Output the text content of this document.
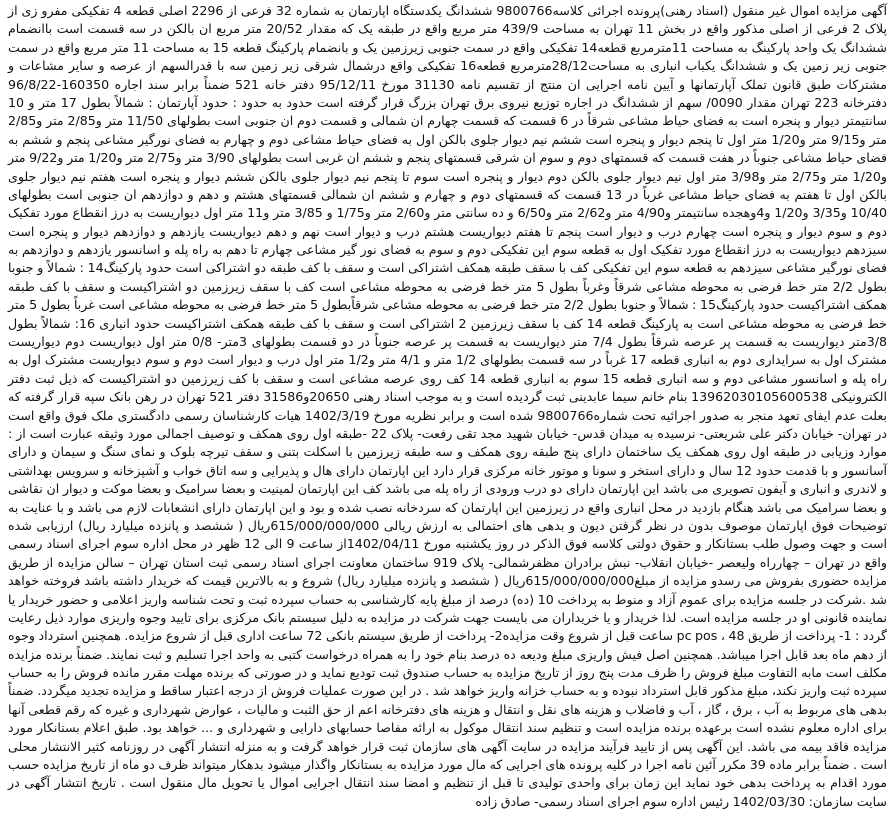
آگهی مزایده اموال غیر منقول (اسناد رهنی)پرونده اجرائی کلاسه9800766 ششدانگ یکدستگاه اپارتمان به شماره 32 فرعی از 2296 اصلی قطعه 4 تفکیکی مفرو زی از پلاک 2 فرعی از اصلی مذکور واقع در بخش 11 تهران به مساحت 439/9 متر مربع واقع در طبقه یک که مقدار 20/52 متر مربع ان بالکن در سه قسمت است باانضمام ششدانگ یک واحد پارکینگ به مساحت 11مترمربع قطعه14 تفکیکی واقع در سمت جنوبی زیرزمین یک و بانضمام پارکینگ قطعه 15 به مساحت 11 متر مربع واقع در سمت جنوبی زیر زمین یک و ششدانگ یکباب انباری به مساحت28/12مترمربع قطعه16 تفکیکی واقع درشمال شرقی زیر زمین سه با قدرالسهم از عرصه و سایر مشاعات و مشترکات طبق قانون تملک آپارتمانها و آیین نامه اجرایی ان منتج از تقسیم نامه 31130 مورخ 95/12/11 دفتر خانه 521 ضمناً برابر سند اجاره 160350-96/8/22 دفترخانه 223 تهران مقدار 0090/ سهم از ششدانگ در اجاره توزیع نیروی برق تهران بزرگ قرار گرفته است حدود به حدود : حدود آپارتمان : شمالاً بطول 17 متر و 10 سانتیمتر دیوار و پنجره است به فضای حیاط مشاعی شرقاً در 6 قسمت که قسمت چهارم ان شمالی و قسمت دوم ان جنوبی است بطولهای 11/50 متر و2/85 متر و2/85 متر و9/15 متر و1/20 متر اول تا پنجم دیوار و پنجره است ششم نیم دیوار جلوی بالکن اول به فضای حیاط مشاعی دوم و چهارم به فضای نورگیر مشاعی پنجم و ششم به فضای حیاط مشاعی جنوباً در هفت قسمت که قسمتهای دوم و سوم ان شرقی قسمتهای پنجم و ششم ان غربی است بطولهای 3/90 متر و2/75 متر و1/20 متر و9/22 متر و1/20 متر و2/75 متر و3/98 متر اول نیم دیوار جلوی بالکن دوم دیوار و پنجره است سوم تا پنجم نیم دیوار جلوی بالکن ششم دیوار و پنجره است هفتم نیم دیوار جلوی بالکن اول تا هفتم به فضای حیاط مشاعی غرباً در 13 قسمت که قسمتهای دوم و چهارم و ششم ان شمالی قسمتهای هشتم و دهم و دوازدهم ان جنوبی است بطولهای 10/40 و3/35 و1/20 و4وهجده سانتیمتر و4/90 متر و2/62 متر و6/50 و ده سانتی متر و2/60 متر و1/75 و 3/85 متر و11 متر اول دیواریست به درز انقطاع مورد تفکیک دوم و سوم دیوار و پنجره است چهارم درب و دیوار است پنجم تا هفتم دیواریست هشتم درب و دیوار است نهم و دهم دیواریست یازدهم و دوازدهم دیوار و پنجره است سیزدهم دیواریست به درز انقطاع مورد تفکیک اول به قطعه سوم این تفکیکی دوم و سوم به فضای نور گیر مشاعی چهارم تا دهم به راه پله و اسانسور یازدهم و دوازدهم به فضای نورگیر مشاعی سیزدهم به قطعه سوم این تفکیکی کف با سقف طبقه همکف اشتراکی است و سقف با کف طبقه دو اشتراکی است حدود پارکینگ14 : شمالاً و جنوبا بطول 2/2 متر خط فرضی به محوطه مشاعی شرقاً وغرباً بطول 5 متر خط فرضی به محوطه مشاعی است کف با سقف زیرزمین دو اشتراکیست و سقف با کف طبقه همکف اشتراکیست حدود پارکینگ15 : شمالاً و جنوبا بطول 2/2 متر خط فرضی به محوطه مشاعی شرقاًبطول 5 متر خط فرضی به محوطه مشاعی است غرباً بطول 5 متر خط فرضی به محوطه مشاعی است به پارکینگ قطعه 14 کف با سقف زیرزمین 2 اشتراکی است و سقف با کف طبقه همکف اشتراکیست حدود انباری 16: شمالاً بطول 3/8متر دیواریست به قسمت پر عرصه شرقاً بطول 7/4 متر دیواریست به قسمت پر عرصه جنوباً در دو قسمت بطولهای 3متر- 0/8 متر اول دیواریست دوم دیواریست مشترک اول به سرایداری دوم به انباری قطعه 17 غرباً در سه قسمت بطولهای 1/2 متر و 4/1 متر و1/2 متر اول درب و دیوار است دوم و سوم دیواریست مشترک اول به راه پله و اسانسور مشاعی دوم و سه انباری قطعه 15 سوم به انباری قطعه 14 کف روی عرصه مشاعی است و سقف با کف زیرزمین دو اشتراکیست که ذیل ثبت دفتر الکترونیکی 13962030105600538 بنام خانم سیما عابدینی ثبت گردیده است و به موجب اسناد رهنی 20650و31586 دفتر 521 تهران در رهن بانک سپه قرار گرفته که بعلت عدم ایفای تعهد منجر به صدور اجرائیه تحت شماره9800766 شده است و برابر نظریه مورخ 1402/3/19 هیات کارشناسان رسمی دادگستری ملک فوق واقع است در تهران- خیابان دکتر علی شریعتی- نرسیده به میدان قدس- خیابان شهید مجد تقی رفعت- پلاک 22 -طبقه اول روی همکف و توصیف اجمالی مورد وثیقه عبارت است از : موارد وزیابی در طبقه اول روی همکف یک ساختمان دارای پنج طبقه روی همکف و سه طبقه زیرزمین با اسکلت بتنی و سقف تیرچه بلوک و نمای سنگ و سیمان و دارای آسانسور و با قدمت حدود 12 سال و دارای استخر و سونا و موتور خانه مرکزی قرار دارد این اپارتمان دارای هال و پذیرایی و سه اتاق خواب و آشپزخانه و سرویس بهداشتی و لاندری و انباری و آیفون تصویری می باشد این اپارتمان دارای دو درب ورودی از راه پله می باشد کف این اپارتمان لمینیت و بعضا سرامیک و بعضا موکت و دیوار ان نقاشی و بعضا سرامیک می باشد هنگام بازدید در محل انباری واقع در زیرزمین این اپارتمان که سردخانه نصب شده و بود و این اپارتمان دارای انشعابات لازم می باشد و با عنایت به توضیحات فوق اپارتمان موصوف بدون در نظر گرفتن دیون و بدهی های احتمالی به ارزش ریالی 615/000/000/000ریال ( ششصد و پانزده میلیارد ریال) ارزیابی شده است و جهت وصول طلب بستانکار و حقوق دولتی کلاسه فوق الذکر در روز یکشنبه مورخ 1402/04/11از ساعت 9 الی 12 ظهر در محل اداره سوم اجرای اسناد رسمی واقع در تهران – چهارراه ولیعصر -خیابان انقلاب- نبش برادران مظفرشمالی- پلاک 919 ساختمان معاونت اجرای اسناد رسمی ثبت استان تهران – سالن مزایده از طریق مزایده حضوری بفروش می رسدو مزایده از مبلغ615/000/000/000ریال ( ششصد و پانزده میلیارد ریال) شروع و به بالاترین قیمت که خریدار داشته باشد فروخته خواهد شد .شرکت در جلسه مزایده برای عموم آزاد و منوط به پرداخت 10 (ده) درصد از مبلغ پایه کارشناسی به حساب سپرده ثبت و تحت شناسه واریز اعلامی و حضور خریدار یا نماینده قانونی او در جلسه مزایده است. لذا خریدار و یا خریداران می بایست جهت شرکت در مزایده به دلیل سیستم بانک مرکزی برای تایید وجوه واریزی موارد ذیل رعایت گردد : 1- پرداخت از طریق pc pos ، 48 ساعت قبل از شروع وقت مزایده2- پرداخت از طریق سیستم بانکی 72 ساعت اداری قبل از شروع مزایده. همچنین استرداد وجوه از دهم ماه بعد قابل اجرا میباشد. همچنین اصل فیش واریزی مبلغ ودیعه ده درصد بنام خود را به همراه درخواست کتبی به واحد اجرا تسلیم و ثبت نمایند. ضمناً برنده مزایده مکلف است مابه التفاوت مبلغ فروش را ظرف مدت پنج روز از تاریخ مزایده به حساب صندوق ثبت تودیع نماید و در صورتی که برنده مهلت مقرر مانده فروش را به حساب سپرده ثبت واریز نکند، مبلغ مذکور قابل استرداد نبوده و به حساب خزانه واریز خواهد شد . در این صورت عملیات فروش از درجه اعتبار ساقط و مزایده تجدید میگردد. ضمناً بدهی های مربوط به آب ، برق ، گاز ، آب و فاضلاب و هزینه های نقل و انتقال و هزینه های دفترخانه اعم از حق الثبت و مالیات ، عوارض شهرداری و غیره که رقم قطعی آنها برای اداره معلوم نشده است برعهده برنده مزایده است و تنظیم سند انتقال موکول به ارائه مفاصا حسابهای دارایی و شهرداری و ... خواهد بود. طبق اعلام بستانکار مورد مزایده فاقد بیمه می باشد. این آگهی پس از تایید فرآیند مزایده در سایت آگهی های سازمان ثبت قرار خواهد گرفت و به منزله انتشار آگهی در روزنامه کثیر الانتشار محلی است . ضمناً برابر ماده 39 مکرر آئین نامه اجرا در کلیه پرونده های اجرایی که مال مورد مزایده به بستانکار واگذار میشود بدهکار میتواند ظرف دو ماه از تاریخ مزایده حسب مورد اقدام به پرداخت بدهی خود نماید این زمان برای واحدی تولیدی تا قبل از تنظیم و امضا سند انتقال اجرایی اموال یا تحویل مال منقول است . تاریخ انتشار آگهی در سایت سازمان: 1402/03/30 رئیس اداره سوم اجرای اسناد رسمی- صادق زاده
